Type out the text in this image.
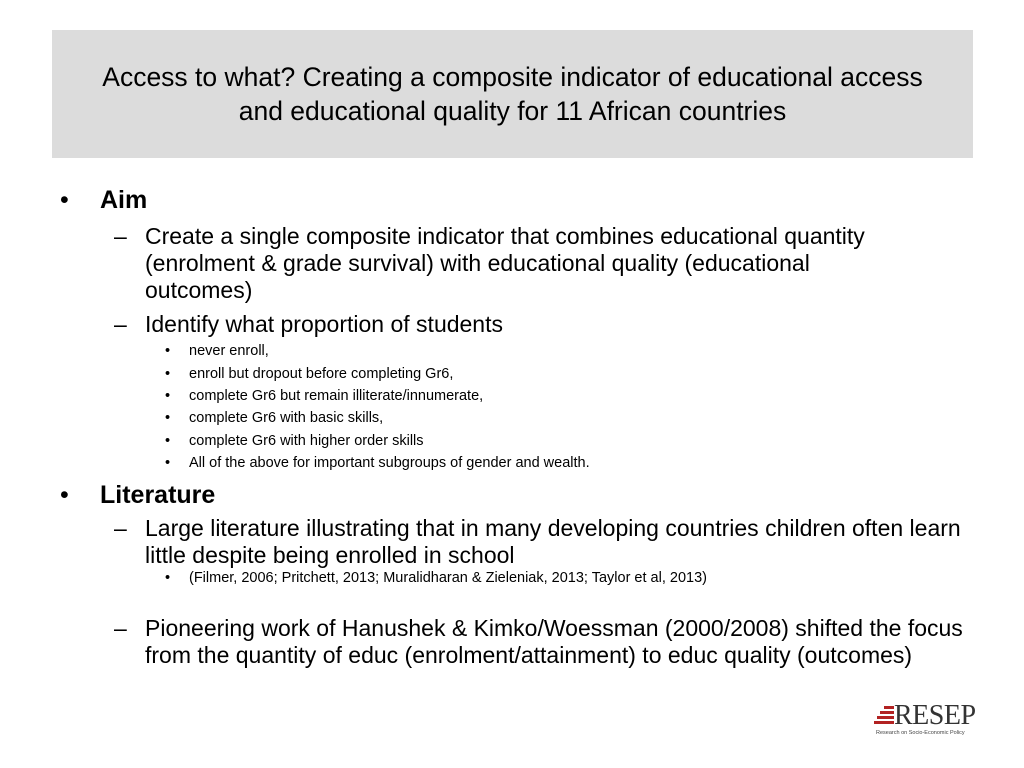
Access to what? Creating a composite indicator of educational access
and educational quality for 11 African countries
• Aim
– Create a single composite indicator that combines educational quantity
(enrolment & grade survival) with educational quality (educational
outcomes)
– Identify what proportion of students
• never enroll,
• enroll but dropout before completing Gr6,
• complete Gr6 but remain illiterate/innumerate,
• complete Gr6 with basic skills,
• complete Gr6 with higher order skills
• All of the above for important subgroups of gender and wealth.
• Literature
– Large literature illustrating that in many developing countries children often learn
little despite being enrolled in school
• (Filmer, 2006; Pritchett, 2013; Muralidharan & Zieleniak, 2013; Taylor et al, 2013)
– Pioneering work of Hanushek & Kimko/Woessman (2000/2008) shifted the focus
from the quantity of educ (enrolment/attainment) to educ quality (outcomes)
RESEP
Research on Socio-Economic Policy
